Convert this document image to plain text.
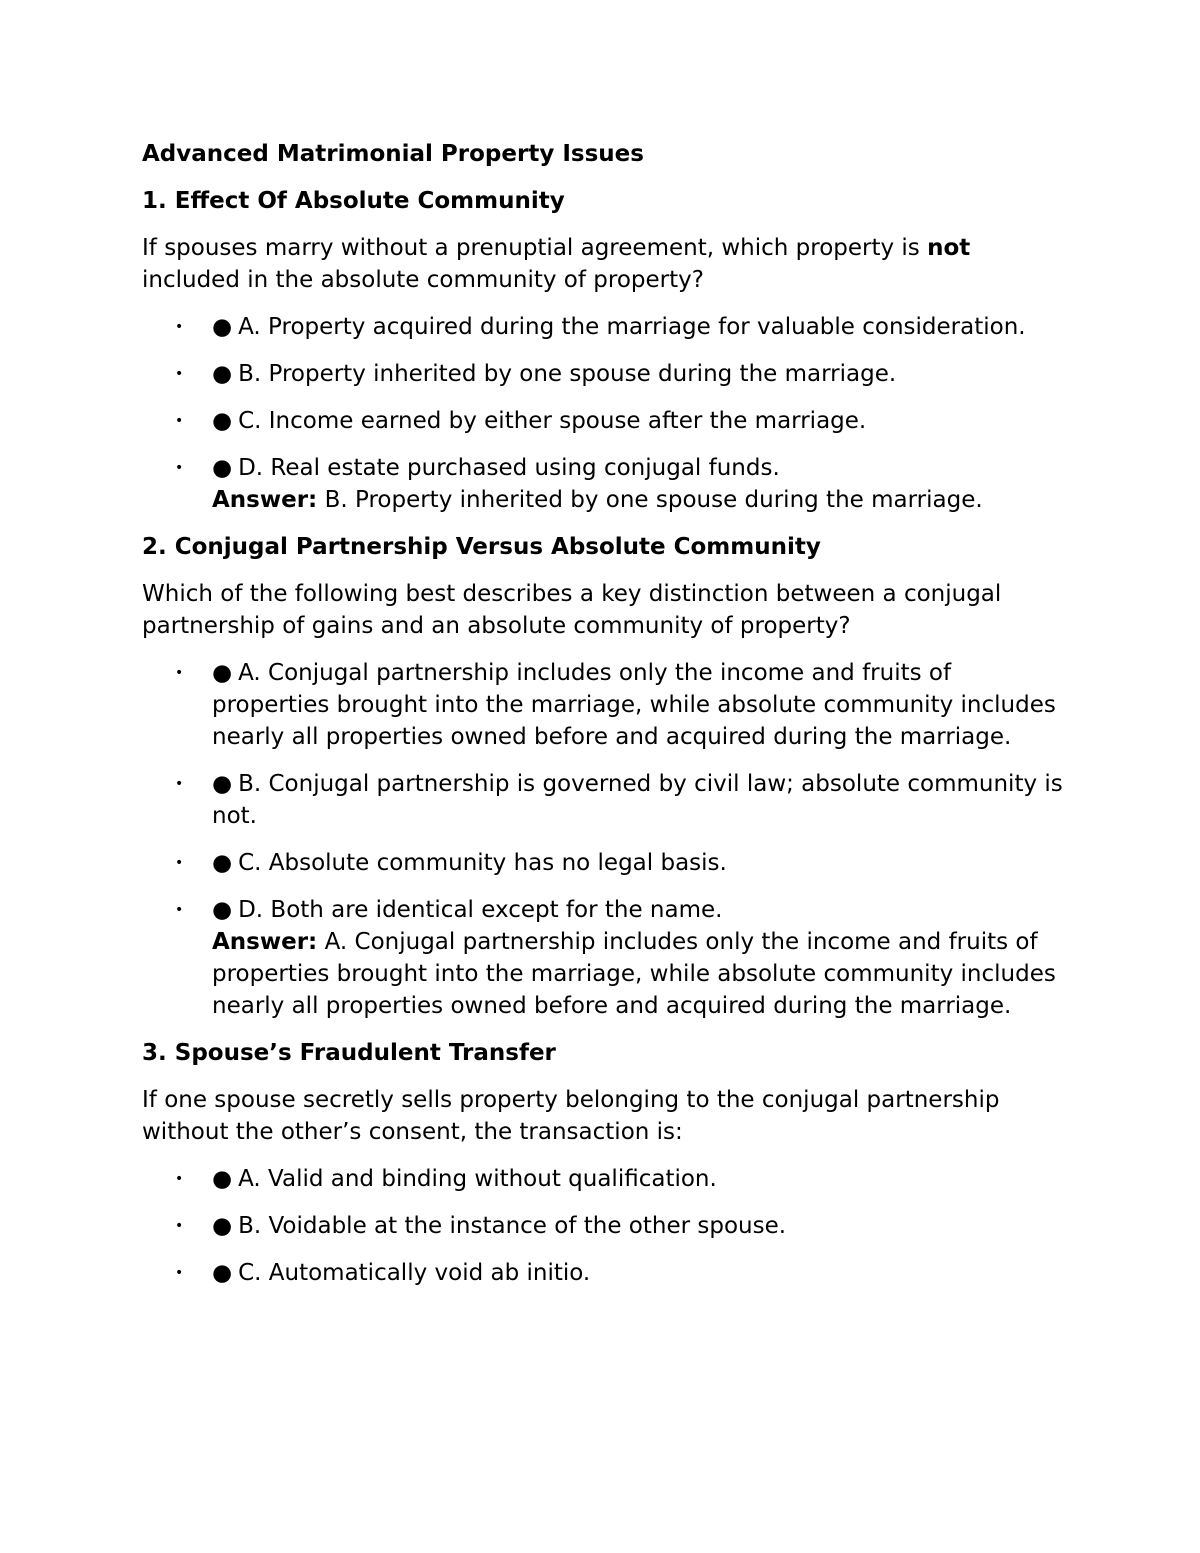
Advanced Matrimonial Property Issues
1. Effect Of Absolute Community
If spouses marry without a prenuptial agreement, which property is not included in the absolute community of property?
• ● A. Property acquired during the marriage for valuable consideration.
• ● B. Property inherited by one spouse during the marriage.
• ● C. Income earned by either spouse after the marriage.
• ● D. Real estate purchased using conjugal funds.
Answer: B. Property inherited by one spouse during the marriage.
2. Conjugal Partnership Versus Absolute Community
Which of the following best describes a key distinction between a conjugal partnership of gains and an absolute community of property?
• ● A. Conjugal partnership includes only the income and fruits of properties brought into the marriage, while absolute community includes nearly all properties owned before and acquired during the marriage.
• ● B. Conjugal partnership is governed by civil law; absolute community is not.
• ● C. Absolute community has no legal basis.
• ● D. Both are identical except for the name.
Answer: A. Conjugal partnership includes only the income and fruits of properties brought into the marriage, while absolute community includes nearly all properties owned before and acquired during the marriage.
3. Spouse’s Fraudulent Transfer
If one spouse secretly sells property belonging to the conjugal partnership without the other’s consent, the transaction is:
• ● A. Valid and binding without qualification.
• ● B. Voidable at the instance of the other spouse.
• ● C. Automatically void ab initio.
